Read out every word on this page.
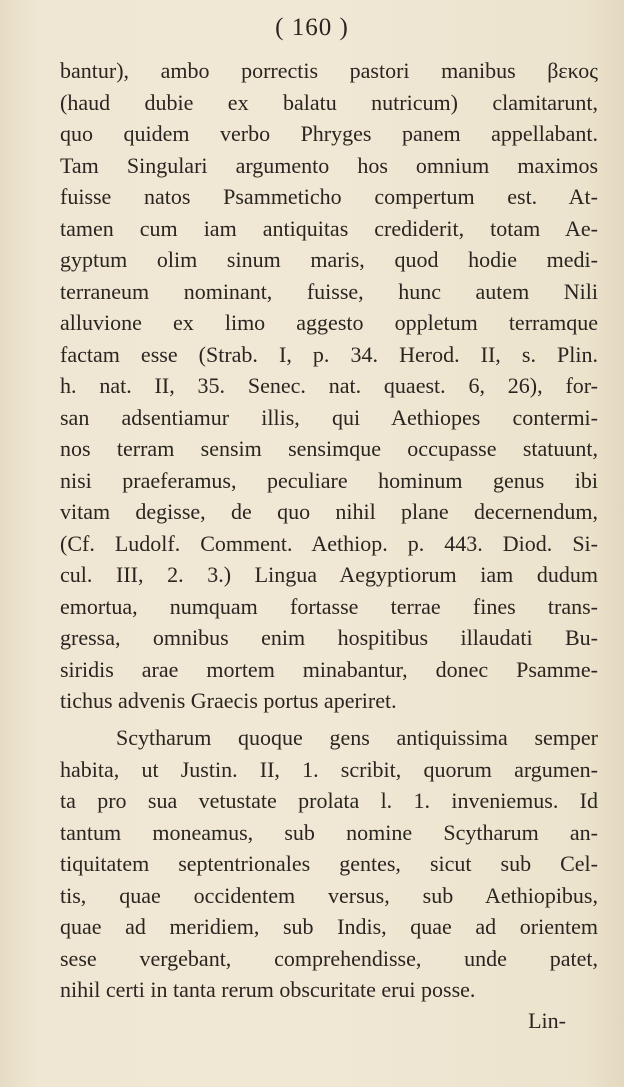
( 160 )
bantur), ambo porrectis pastori manibus βεκος
(haud dubie ex balatu nutricum) clamitarunt,
quo quidem verbo Phryges panem appellabant.
Tam Singulari argumento hos omnium maximos
fuisse natos Psammeticho compertum est. At-
tamen cum iam antiquitas crediderit, totam Ae-
gyptum olim sinum maris, quod hodie medi-
terraneum nominant, fuisse, hunc autem Nili
alluvione ex limo aggesto oppletum terramque
factam esse (Strab. I, p. 34. Herod. II, s. Plin.
h. nat. II, 35. Senec. nat. quaest. 6, 26), for-
san adsentiamur illis, qui Aethiopes contermi-
nos terram sensim sensimque occupasse statuunt,
nisi praeferamus, peculiare hominum genus ibi
vitam degisse, de quo nihil plane decernendum,
(Cf. Ludolf. Comment. Aethiop. p. 443. Diod. Si-
cul. III, 2. 3.) Lingua Aegyptiorum iam dudum
emortua, numquam fortasse terrae fines trans-
gressa, omnibus enim hospitibus illaudati Bu-
siridis arae mortem minabantur, donec Psamme-
tichus advenis Graecis portus aperiret.
Scytharum quoque gens antiquissima semper
habita, ut Justin. II, 1. scribit, quorum argumen-
ta pro sua vetustate prolata l. 1. inveniemus. Id
tantum moneamus, sub nomine Scytharum an-
tiquitatem septentrionales gentes, sicut sub Cel-
tis, quae occidentem versus, sub Aethiopibus,
quae ad meridiem, sub Indis, quae ad orientem
sese vergebant, comprehendisse, unde patet,
nihil certi in tanta rerum obscuritate erui posse.
Lin-
